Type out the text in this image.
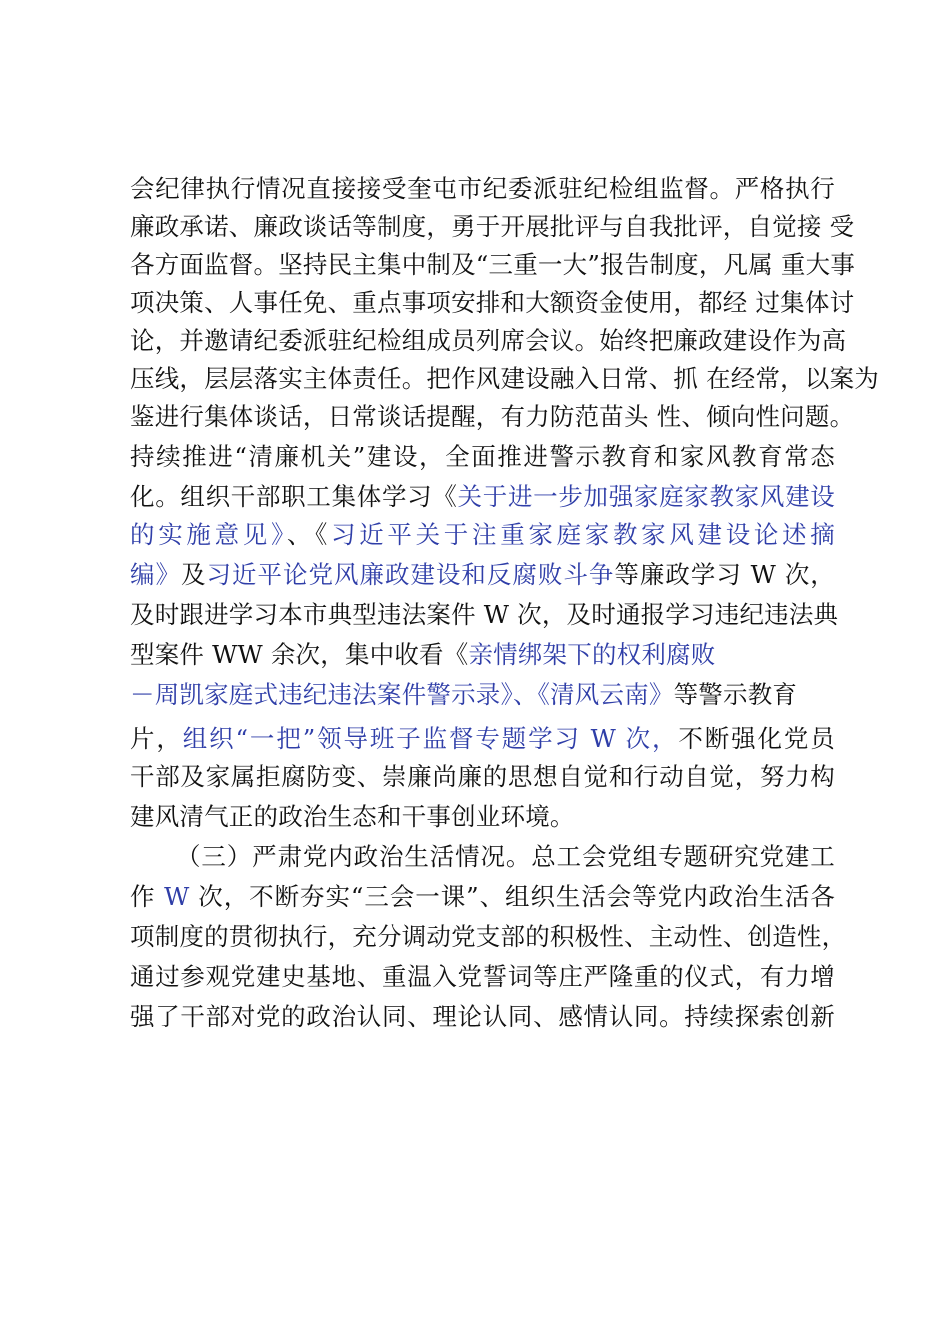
会纪律执行情况直接接受奎屯市纪委派驻纪检组监督。严格执行
廉政承诺、廉政谈话等制度，勇于开展批评与自我批评，自觉接 受
各方面监督。坚持民主集中制及“三重一大”报告制度，凡属 重大事
项决策、人事任免、重点事项安排和大额资金使用，都经 过集体讨
论，并邀请纪委派驻纪检组成员列席会议。始终把廉政建设作为高
压线，层层落实主体责任。把作风建设融入日常、抓 在经常，以案为
鉴进行集体谈话，日常谈话提醒，有力防范苗头 性、倾向性问题。
持续推进“清廉机关”建设，全面推进警示教育和家风教育常态
化。组织干部职工集体学习《关于进一步加强家庭家教家风建设
的实施意见》、《习近平关于注重家庭家教家风建设论述摘
编》及习近平论党风廉政建设和反腐败斗争等廉政学习 W 次，
及时跟进学习本市典型违法案件 W 次，及时通报学习违纪违法典
型案件 WW 余次，集中收看《亲情绑架下的权利腐败
－周凯家庭式违纪违法案件警示录》、《清风云南》等警示教育
片，组织“一把”领导班子监督专题学习 W 次，不断强化党员
干部及家属拒腐防变、崇廉尚廉的思想自觉和行动自觉，努力构
建风清气正的政治生态和干事创业环境。
（三）严肃党内政治生活情况。总工会党组专题研究党建工
作 W 次，不断夯实“三会一课”、组织生活会等党内政治生活各
项制度的贯彻执行，充分调动党支部的积极性、主动性、创造性，
通过参观党建史基地、重温入党誓词等庄严隆重的仪式，有力增
强了干部对党的政治认同、理论认同、感情认同。持续探索创新
